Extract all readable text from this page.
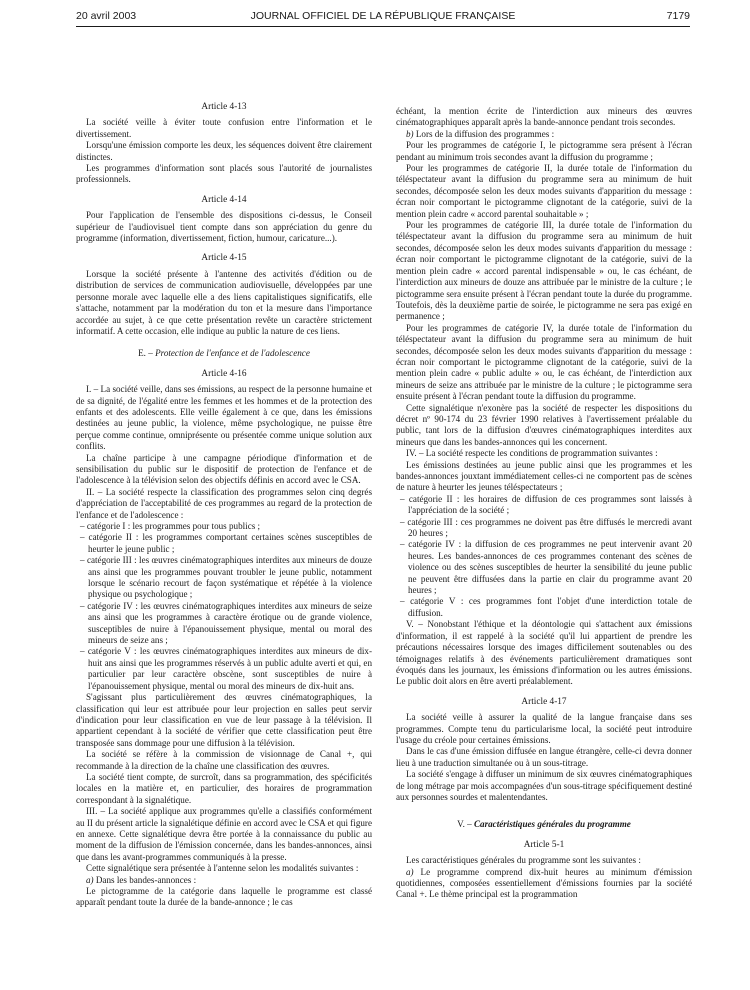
20 avril 2003	JOURNAL OFFICIEL DE LA RÉPUBLIQUE FRANÇAISE	7179
Article 4-13

La société veille à éviter toute confusion entre l'information et le divertissement.

Lorsqu'une émission comporte les deux, les séquences doivent être clairement distinctes.

Les programmes d'information sont placés sous l'autorité de journalistes professionnels.

Article 4-14

Pour l'application de l'ensemble des dispositions ci-dessus, le Conseil supérieur de l'audiovisuel tient compte dans son appréciation du genre du programme (information, divertissement, fiction, humour, caricature...).

Article 4-15

Lorsque la société présente à l'antenne des activités d'édition ou de distribution de services de communication audiovisuelle, développées par une personne morale avec laquelle elle a des liens capitalistiques significatifs, elle s'attache, notamment par la modération du ton et la mesure dans l'importance accordée au sujet, à ce que cette présentation revête un caractère strictement informatif. A cette occasion, elle indique au public la nature de ces liens.

E. – Protection de l'enfance et de l'adolescence
Article 4-16

I. – La société veille, dans ses émissions, au respect de la personne humaine et de sa dignité, de l'égalité entre les femmes et les hommes et de la protection des enfants et des adolescents. Elle veille également à ce que, dans les émissions destinées au jeune public, la violence, même psychologique, ne puisse être perçue comme continue, omniprésente ou présentée comme unique solution aux conflits.

La chaîne participe à une campagne périodique d'information et de sensibilisation du public sur le dispositif de protection de l'enfance et de l'adolescence à la télévision selon des objectifs définis en accord avec le CSA.

II. – La société respecte la classification des programmes selon cinq degrés d'appréciation de l'acceptabilité de ces programmes au regard de la protection de l'enfance et de l'adolescence :

– catégorie I : les programmes pour tous publics ;
– catégorie II : les programmes comportant certaines scènes susceptibles de heurter le jeune public ;
– catégorie III : les œuvres cinématographiques interdites aux mineurs de douze ans ainsi que les programmes pouvant troubler le jeune public, notamment lorsque le scénario recourt de façon systématique et répétée à la violence physique ou psychologique ;
– catégorie IV : les œuvres cinématographiques interdites aux mineurs de seize ans ainsi que les programmes à caractère érotique ou de grande violence, susceptibles de nuire à l'épanouissement physique, mental ou moral des mineurs de seize ans ;
– catégorie V : les œuvres cinématographiques interdites aux mineurs de dix-huit ans ainsi que les programmes réservés à un public adulte averti et qui, en particulier par leur caractère obscène, sont susceptibles de nuire à l'épanouissement physique, mental ou moral des mineurs de dix-huit ans.

S'agissant plus particulièrement des œuvres cinématographiques, la classification qui leur est attribuée pour leur projection en salles peut servir d'indication pour leur classification en vue de leur passage à la télévision. Il appartient cependant à la société de vérifier que cette classification peut être transposée sans dommage pour une diffusion à la télévision.

La société se réfère à la commission de visionnage de Canal +, qui recommande à la direction de la chaîne une classification des œuvres.

La société tient compte, de surcroît, dans sa programmation, des spécificités locales en la matière et, en particulier, des horaires de programmation correspondant à la signalétique.

III. – La société applique aux programmes qu'elle a classifiés conformément au II du présent article la signalétique définie en accord avec le CSA et qui figure en annexe. Cette signalétique devra être portée à la connaissance du public au moment de la diffusion de l'émission concernée, dans les bandes-annonces, ainsi que dans les avant-programmes communiqués à la presse.

Cette signalétique sera présentée à l'antenne selon les modalités suivantes :

a) Dans les bandes-annonces :

Le pictogramme de la catégorie dans laquelle le programme est classé apparaît pendant toute la durée de la bande-annonce ; le cas

échéant, la mention écrite de l'interdiction aux mineurs des œuvres cinématographiques apparaît après la bande-annonce pendant trois secondes.

b) Lors de la diffusion des programmes :

Pour les programmes de catégorie I, le pictogramme sera présent à l'écran pendant au minimum trois secondes avant la diffusion du programme ;

Pour les programmes de catégorie II, la durée totale de l'information du téléspectateur avant la diffusion du programme sera au minimum de huit secondes, décomposée selon les deux modes suivants d'apparition du message : écran noir comportant le pictogramme clignotant de la catégorie, suivi de la mention plein cadre « accord parental souhaitable » ;

Pour les programmes de catégorie III, la durée totale de l'information du téléspectateur avant la diffusion du programme sera au minimum de huit secondes, décomposée selon les deux modes suivants d'apparition du message : écran noir comportant le pictogramme clignotant de la catégorie, suivi de la mention plein cadre « accord parental indispensable » ou, le cas échéant, de l'interdiction aux mineurs de douze ans attribuée par le ministre de la culture ; le pictogramme sera ensuite présent à l'écran pendant toute la durée du programme. Toutefois, dès la deuxième partie de soirée, le pictogramme ne sera pas exigé en permanence ;

Pour les programmes de catégorie IV, la durée totale de l'information du téléspectateur avant la diffusion du programme sera au minimum de huit secondes, décomposée selon les deux modes suivants d'apparition du message : écran noir comportant le pictogramme clignotant de la catégorie, suivi de la mention plein cadre « public adulte » ou, le cas échéant, de l'interdiction aux mineurs de seize ans attribuée par le ministre de la culture ; le pictogramme sera ensuite présent à l'écran pendant toute la diffusion du programme.

Cette signalétique n'exonère pas la société de respecter les dispositions du décret nº 90-174 du 23 février 1990 relatives à l'avertissement préalable du public, tant lors de la diffusion d'œuvres cinématographiques interdites aux mineurs que dans les bandes-annonces qui les concernent.

IV. – La société respecte les conditions de programmation suivantes :

Les émissions destinées au jeune public ainsi que les programmes et les bandes-annonces jouxtant immédiatement celles-ci ne comportent pas de scènes de nature à heurter les jeunes téléspectateurs ;

– catégorie II : les horaires de diffusion de ces programmes sont laissés à l'appréciation de la société ;
– catégorie III : ces programmes ne doivent pas être diffusés le mercredi avant 20 heures ;
– catégorie IV : la diffusion de ces programmes ne peut intervenir avant 20 heures. Les bandes-annonces de ces programmes contenant des scènes de violence ou des scènes susceptibles de heurter la sensibilité du jeune public ne peuvent être diffusées dans la partie en clair du programme avant 20 heures ;
– catégorie V : ces programmes font l'objet d'une interdiction totale de diffusion.

V. – Nonobstant l'éthique et la déontologie qui s'attachent aux émissions d'information, il est rappelé à la société qu'il lui appartient de prendre les précautions nécessaires lorsque des images difficilement soutenables ou des témoignages relatifs à des événements particulièrement dramatiques sont évoqués dans les journaux, les émissions d'information ou les autres émissions. Le public doit alors en être averti préalablement.

Article 4-17

La société veille à assurer la qualité de la langue française dans ses programmes. Compte tenu du particularisme local, la société peut introduire l'usage du créole pour certaines émissions.

Dans le cas d'une émission diffusée en langue étrangère, celle-ci devra donner lieu à une traduction simultanée ou à un sous-titrage.

La société s'engage à diffuser un minimum de six œuvres cinématographiques de long métrage par mois accompagnées d'un sous-titrage spécifiquement destiné aux personnes sourdes et malentendantes.

V. – Caractéristiques générales du programme
Article 5-1

Les caractéristiques générales du programme sont les suivantes :

a) Le programme comprend dix-huit heures au minimum d'émission quotidiennes, composées essentiellement d'émissions fournies par la société Canal +. Le thème principal est la programmation
